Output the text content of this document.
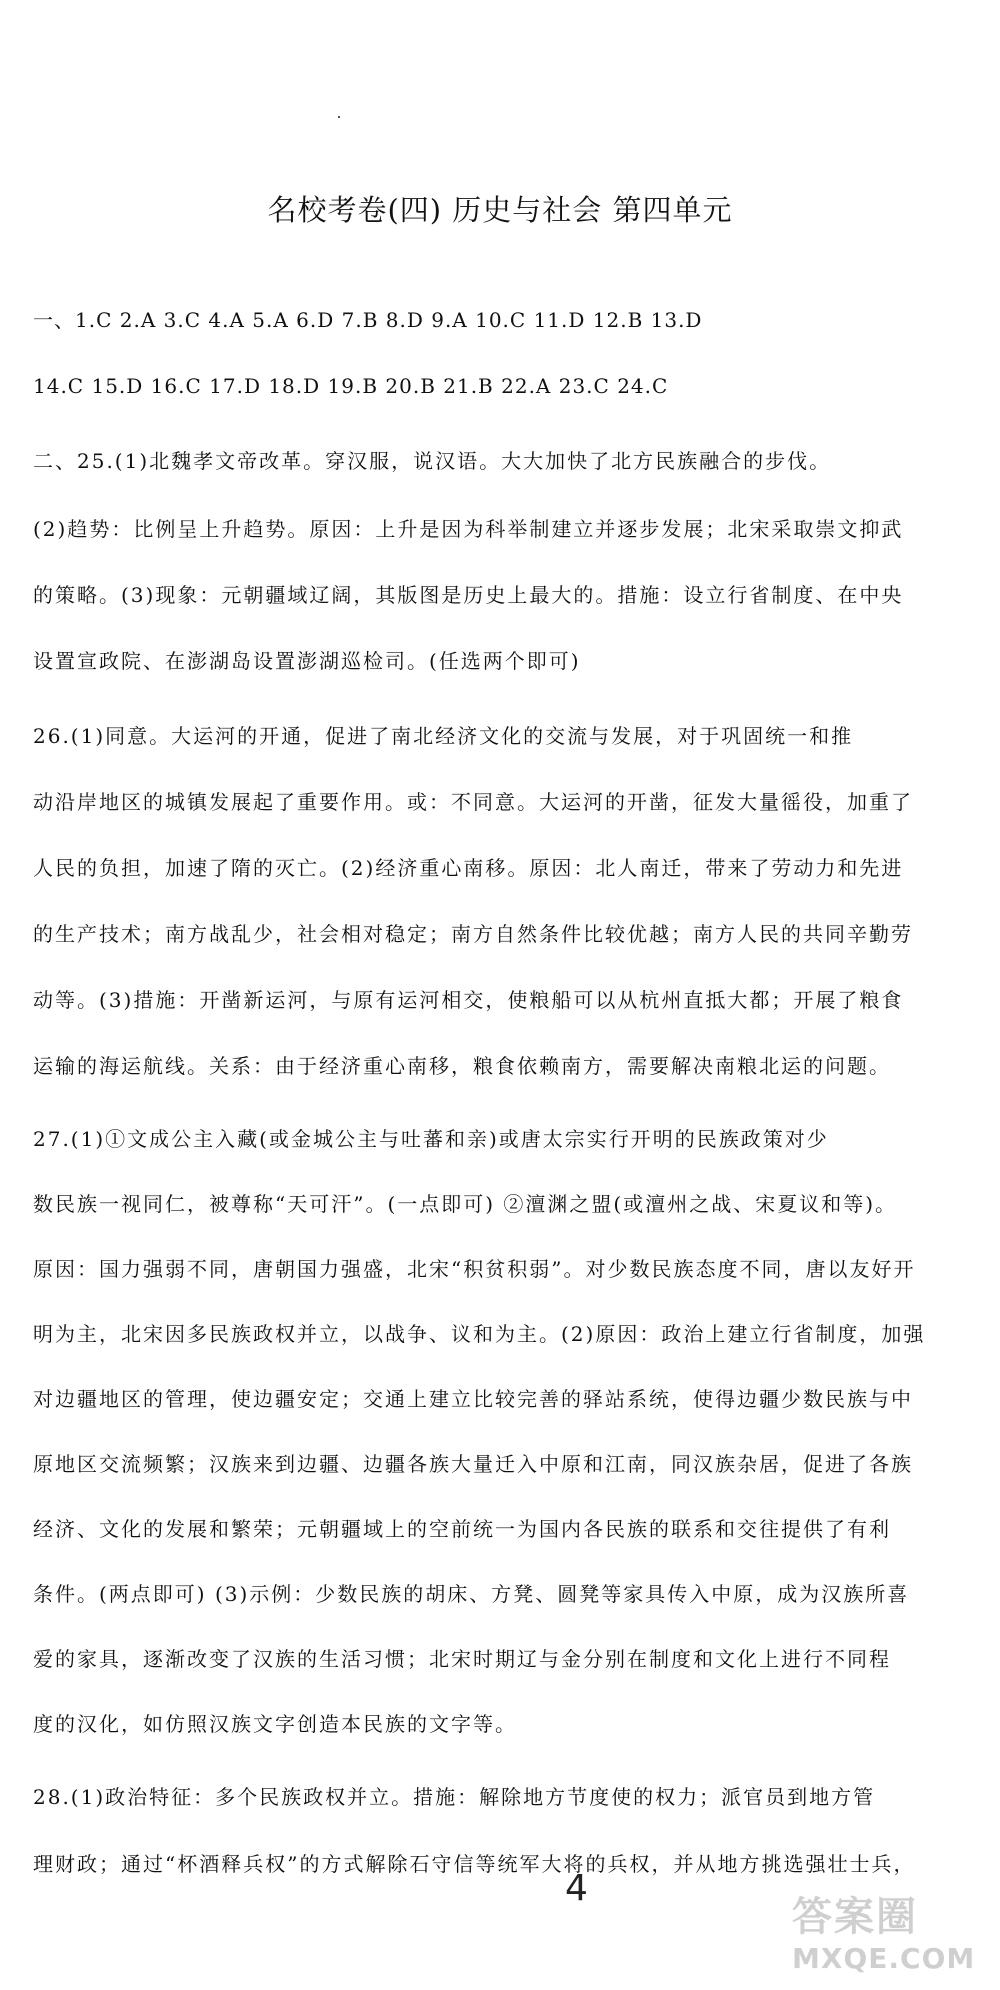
名校考卷(四) 历史与社会 第四单元
一、1.C 2.A 3.C 4.A 5.A 6.D 7.B 8.D 9.A 10.C 11.D 12.B 13.D
14.C 15.D 16.C 17.D 18.D 19.B 20.B 21.B 22.A 23.C 24.C
二、25.(1)北魏孝文帝改革。穿汉服，说汉语。大大加快了北方民族融合的步伐。
(2)趋势：比例呈上升趋势。原因：上升是因为科举制建立并逐步发展；北宋采取崇文抑武
的策略。(3)现象：元朝疆域辽阔，其版图是历史上最大的。措施：设立行省制度、在中央
设置宣政院、在澎湖岛设置澎湖巡检司。(任选两个即可)
26.(1)同意。大运河的开通，促进了南北经济文化的交流与发展，对于巩固统一和推
动沿岸地区的城镇发展起了重要作用。或：不同意。大运河的开凿，征发大量徭役，加重了
人民的负担，加速了隋的灭亡。(2)经济重心南移。原因：北人南迁，带来了劳动力和先进
的生产技术；南方战乱少，社会相对稳定；南方自然条件比较优越；南方人民的共同辛勤劳
动等。(3)措施：开凿新运河，与原有运河相交，使粮船可以从杭州直抵大都；开展了粮食
运输的海运航线。关系：由于经济重心南移，粮食依赖南方，需要解决南粮北运的问题。
27.(1)①文成公主入藏(或金城公主与吐蕃和亲)或唐太宗实行开明的民族政策对少
数民族一视同仁，被尊称“天可汗”。(一点即可) ②澶渊之盟(或澶州之战、宋夏议和等)。
原因：国力强弱不同，唐朝国力强盛，北宋“积贫积弱”。对少数民族态度不同，唐以友好开
明为主，北宋因多民族政权并立，以战争、议和为主。(2)原因：政治上建立行省制度，加强
对边疆地区的管理，使边疆安定；交通上建立比较完善的驿站系统，使得边疆少数民族与中
原地区交流频繁；汉族来到边疆、边疆各族大量迁入中原和江南，同汉族杂居，促进了各族
经济、文化的发展和繁荣；元朝疆域上的空前统一为国内各民族的联系和交往提供了有利
条件。(两点即可) (3)示例：少数民族的胡床、方凳、圆凳等家具传入中原，成为汉族所喜
爱的家具，逐渐改变了汉族的生活习惯；北宋时期辽与金分别在制度和文化上进行不同程
度的汉化，如仿照汉族文字创造本民族的文字等。
28.(1)政治特征：多个民族政权并立。措施：解除地方节度使的权力；派官员到地方管
理财政；通过“杯酒释兵权”的方式解除石守信等统军大将的兵权，并从地方挑选强壮士兵，
4
答案圈
MXQE.COM
